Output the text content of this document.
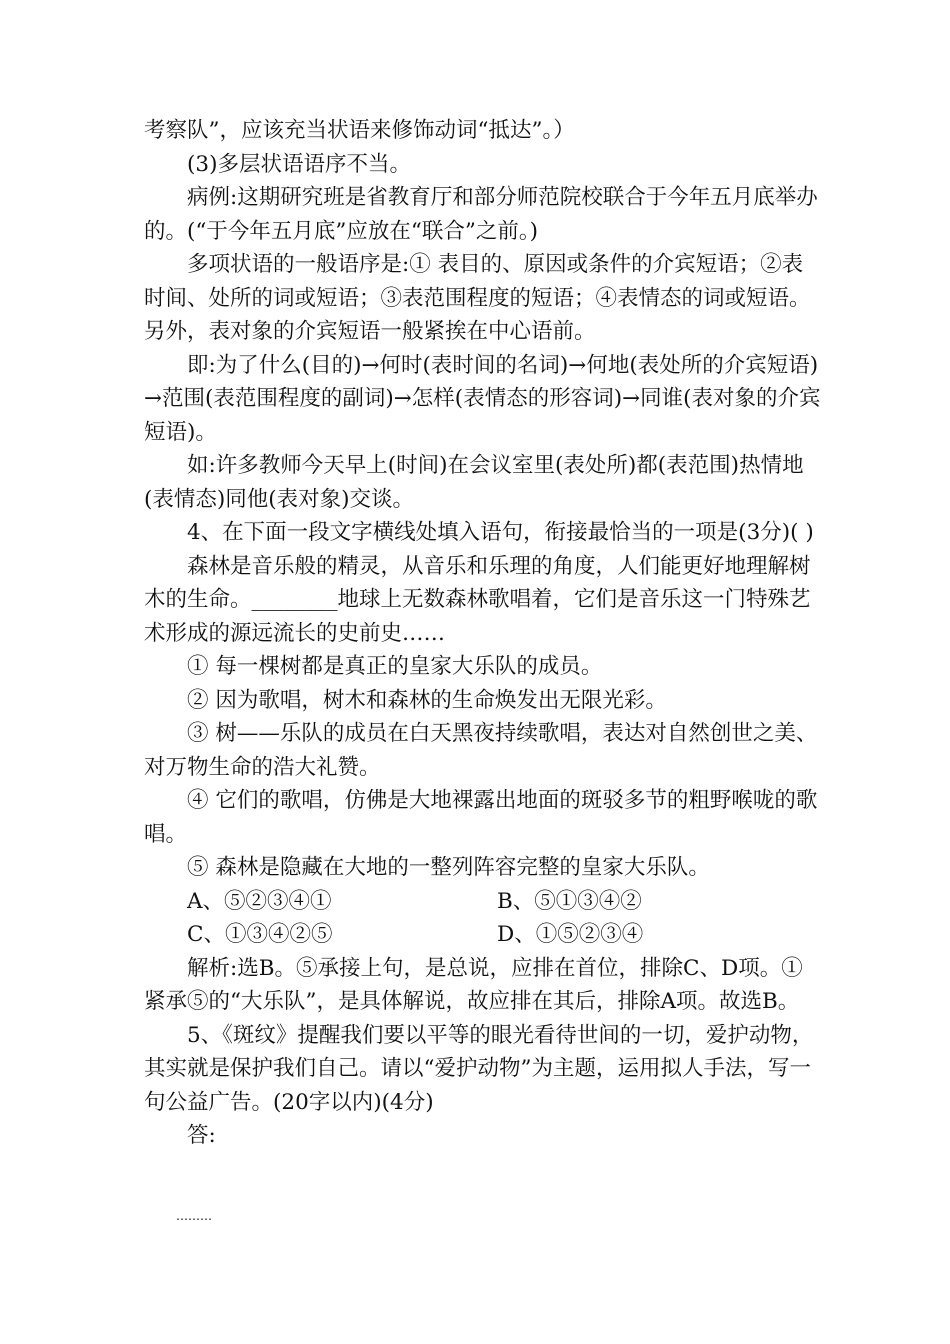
考察队”，应该充当状语来修饰动词“抵达”。）

(3)多层状语语序不当。

病例:这期研究班是省教育厅和部分师范院校联合于今年五月底举办的。(“于今年五月底”应放在“联合”之前。)

多项状语的一般语序是:① 表目的、原因或条件的介宾短语；②表时间、处所的词或短语；③表范围程度的短语；④表情态的词或短语。另外，表对象的介宾短语一般紧挨在中心语前。

即:为了什么(目的)→何时(表时间的名词)→何地(表处所的介宾短语)→范围(表范围程度的副词)→怎样(表情态的形容词)→同谁(表对象的介宾短语)。

如:许多教师今天早上(时间)在会议室里(表处所)都(表范围)热情地(表情态)同他(表对象)交谈。

4、在下面一段文字横线处填入语句，衔接最恰当的一项是(3分)( )

森林是音乐般的精灵，从音乐和乐理的角度，人们能更好地理解树木的生命。________地球上无数森林歌唱着，它们是音乐这一门特殊艺术形成的源远流长的史前史……

① 每一棵树都是真正的皇家大乐队的成员。

② 因为歌唱，树木和森林的生命焕发出无限光彩。

③ 树——乐队的成员在白天黑夜持续歌唱，表达对自然创世之美、对万物生命的浩大礼赞。

④ 它们的歌唱，仿佛是大地裸露出地面的斑驳多节的粗野喉咙的歌唱。

⑤ 森林是隐藏在大地的一整列阵容完整的皇家大乐队。

A、⑤②③④①	B、⑤①③④②
C、①③④②⑤	D、①⑤②③④

解析:选B。⑤承接上句，是总说，应排在首位，排除C、D项。①紧承⑤的“大乐队”，是具体解说，故应排在其后，排除A项。故选B。

5、《斑纹》提醒我们要以平等的眼光看待世间的一切，爱护动物，其实就是保护我们自己。请以“爱护动物”为主题，运用拟人手法，写一句公益广告。(20字以内)(4分)

答:

………
